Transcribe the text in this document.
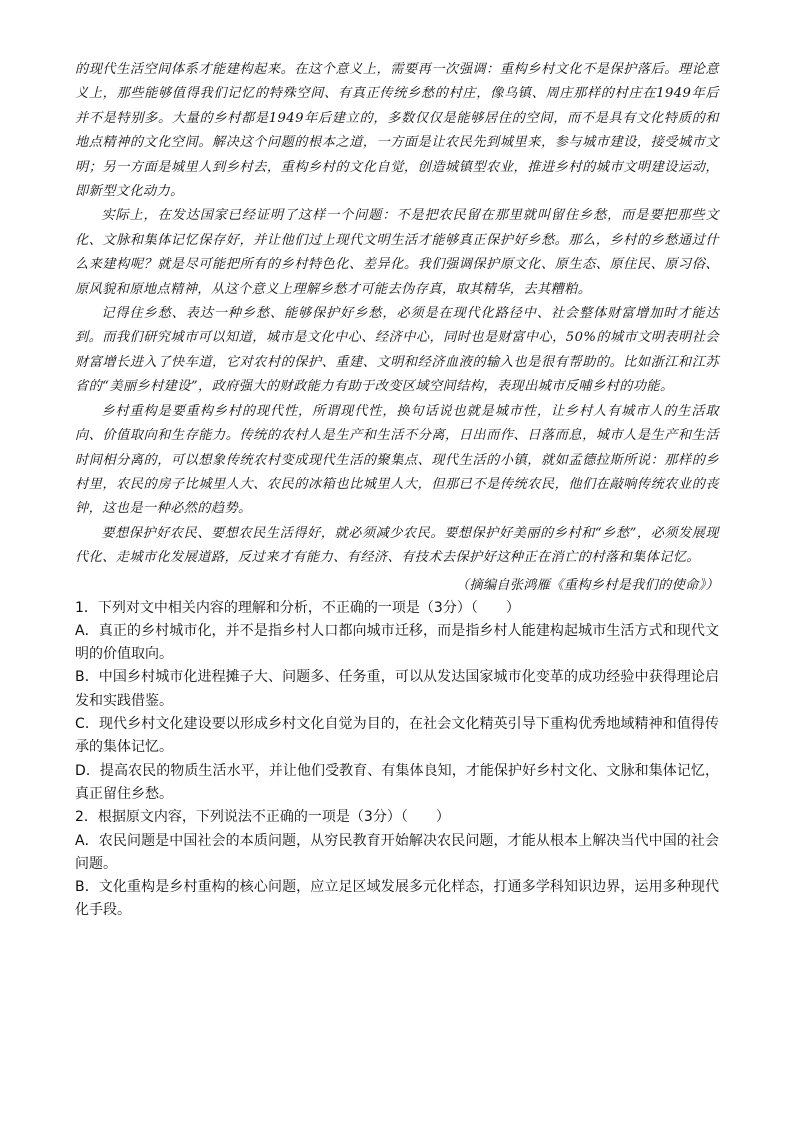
的现代生活空间体系才能建构起来。在这个意义上，需要再一次强调：重构乡村文化不是保护落后。理论意义上，那些能够值得我们记忆的特殊空间、有真正传统乡愁的村庄，像乌镇、周庄那样的村庄在1949年后并不是特别多。大量的乡村都是1949年后建立的，多数仅仅是能够居住的空间，而不是具有文化特质的和地点精神的文化空间。解决这个问题的根本之道，一方面是让农民先到城里来，参与城市建设，接受城市文明；另一方面是城里人到乡村去，重构乡村的文化自觉，创造城镇型农业，推进乡村的城市文明建设运动，即新型文化动力。

实际上，在发达国家已经证明了这样一个问题：不是把农民留在那里就叫留住乡愁，而是要把那些文化、文脉和集体记忆保存好，并让他们过上现代文明生活才能够真正保护好乡愁。那么，乡村的乡愁通过什么来建构呢？就是尽可能把所有的乡村特色化、差异化。我们强调保护原文化、原生态、原住民、原习俗、原风貌和原地点精神，从这个意义上理解乡愁才可能去伪存真，取其精华，去其糟粕。

记得住乡愁、表达一种乡愁、能够保护好乡愁，必须是在现代化路径中、社会整体财富增加时才能达到。而我们研究城市可以知道，城市是文化中心、经济中心，同时也是财富中心，50%的城市文明表明社会财富增长进入了快车道，它对农村的保护、重建、文明和经济血液的输入也是很有帮助的。比如浙江和江苏省的“美丽乡村建设”，政府强大的财政能力有助于改变区域空间结构，表现出城市反哺乡村的功能。

乡村重构是要重构乡村的现代性，所谓现代性，换句话说也就是城市性，让乡村人有城市人的生活取向、价值取向和生存能力。传统的农村人是生产和生活不分离，日出而作、日落而息，城市人是生产和生活时间相分离的，可以想象传统农村变成现代生活的聚集点、现代生活的小镇，就如孟德拉斯所说：那样的乡村里，农民的房子比城里人大、农民的冰箱也比城里人大，但那已不是传统农民，他们在敲响传统农业的丧钟，这也是一种必然的趋势。

要想保护好农民、要想农民生活得好，就必须减少农民。要想保护好美丽的乡村和“乡愁”，必须发展现代化、走城市化发展道路，反过来才有能力、有经济、有技术去保护好这种正在消亡的村落和集体记忆。

（摘编自张鸿雁《重构乡村是我们的使命》）

1．下列对文中相关内容的理解和分析，不正确的一项是（3分）（　　）

A．真正的乡村城市化，并不是指乡村人口都向城市迁移，而是指乡村人能建构起城市生活方式和现代文明的价值取向。

B．中国乡村城市化进程摊子大、问题多、任务重，可以从发达国家城市化变革的成功经验中获得理论启发和实践借鉴。

C．现代乡村文化建设要以形成乡村文化自觉为目的，在社会文化精英引导下重构优秀地域精神和值得传承的集体记忆。

D．提高农民的物质生活水平，并让他们受教育、有集体良知，才能保护好乡村文化、文脉和集体记忆，真正留住乡愁。

2．根据原文内容，下列说法不正确的一项是（3分）（　　）

A．农民问题是中国社会的本质问题，从穷民教育开始解决农民问题，才能从根本上解决当代中国的社会问题。

B．文化重构是乡村重构的核心问题，应立足区域发展多元化样态，打通多学科知识边界，运用多种现代化手段。
